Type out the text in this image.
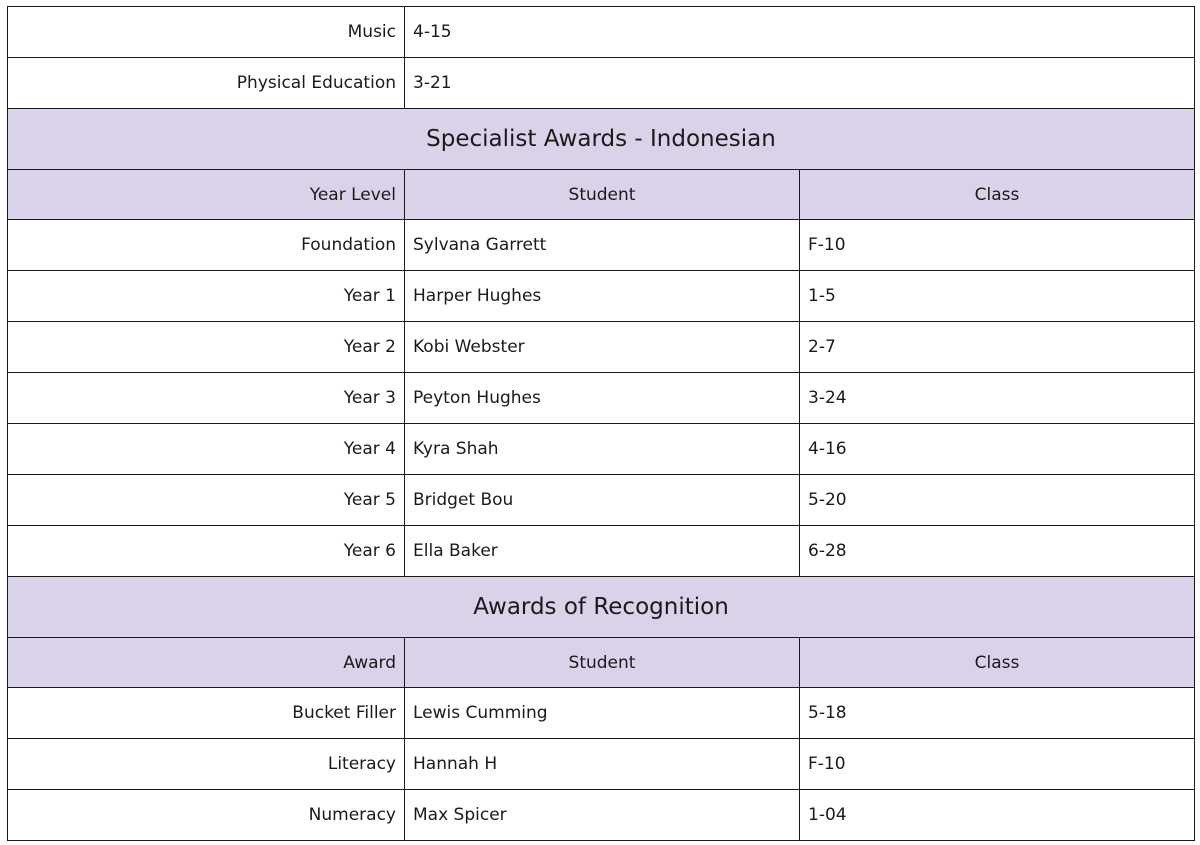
Music	4-15	
Physical Education	3-21	
Specialist Awards - Indonesian		
Year Level	Student	Class
Foundation	Sylvana Garrett	F-10
Year 1	Harper Hughes	1-5
Year 2	Kobi Webster	2-7
Year 3	Peyton Hughes	3-24
Year 4	Kyra Shah	4-16
Year 5	Bridget Bou	5-20
Year 6	Ella Baker	6-28
Awards of Recognition		
Award	Student	Class
Bucket Filler	Lewis Cumming	5-18
Literacy	Hannah H	F-10
Numeracy	Max Spicer	1-04
